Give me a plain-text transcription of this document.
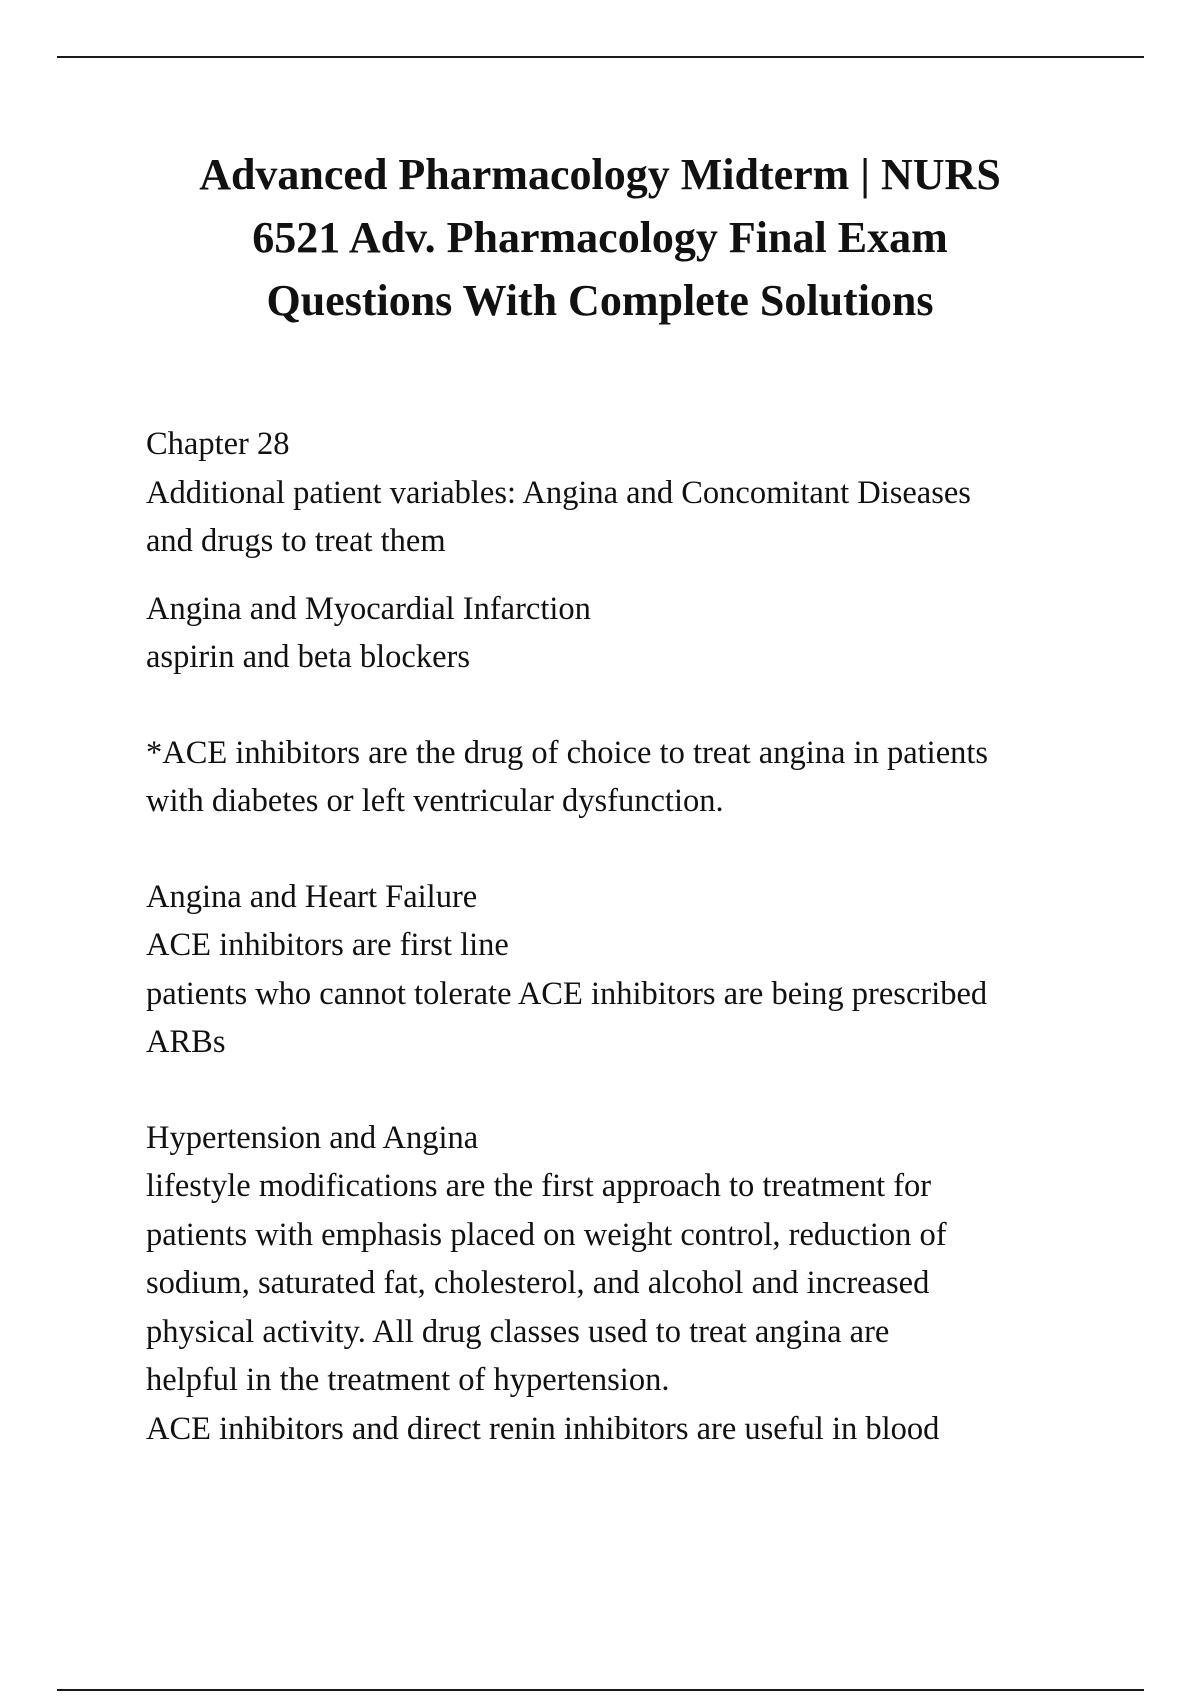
Advanced Pharmacology Midterm | NURS
6521 Adv. Pharmacology Final Exam
Questions With Complete Solutions
Chapter 28
Additional patient variables: Angina and Concomitant Diseases
and drugs to treat them
Angina and Myocardial Infarction
aspirin and beta blockers
*ACE inhibitors are the drug of choice to treat angina in patients
with diabetes or left ventricular dysfunction.
Angina and Heart Failure
ACE inhibitors are first line
patients who cannot tolerate ACE inhibitors are being prescribed
ARBs
Hypertension and Angina
lifestyle modifications are the first approach to treatment for
patients with emphasis placed on weight control, reduction of
sodium, saturated fat, cholesterol, and alcohol and increased
physical activity. All drug classes used to treat angina are
helpful in the treatment of hypertension.
ACE inhibitors and direct renin inhibitors are useful in blood
